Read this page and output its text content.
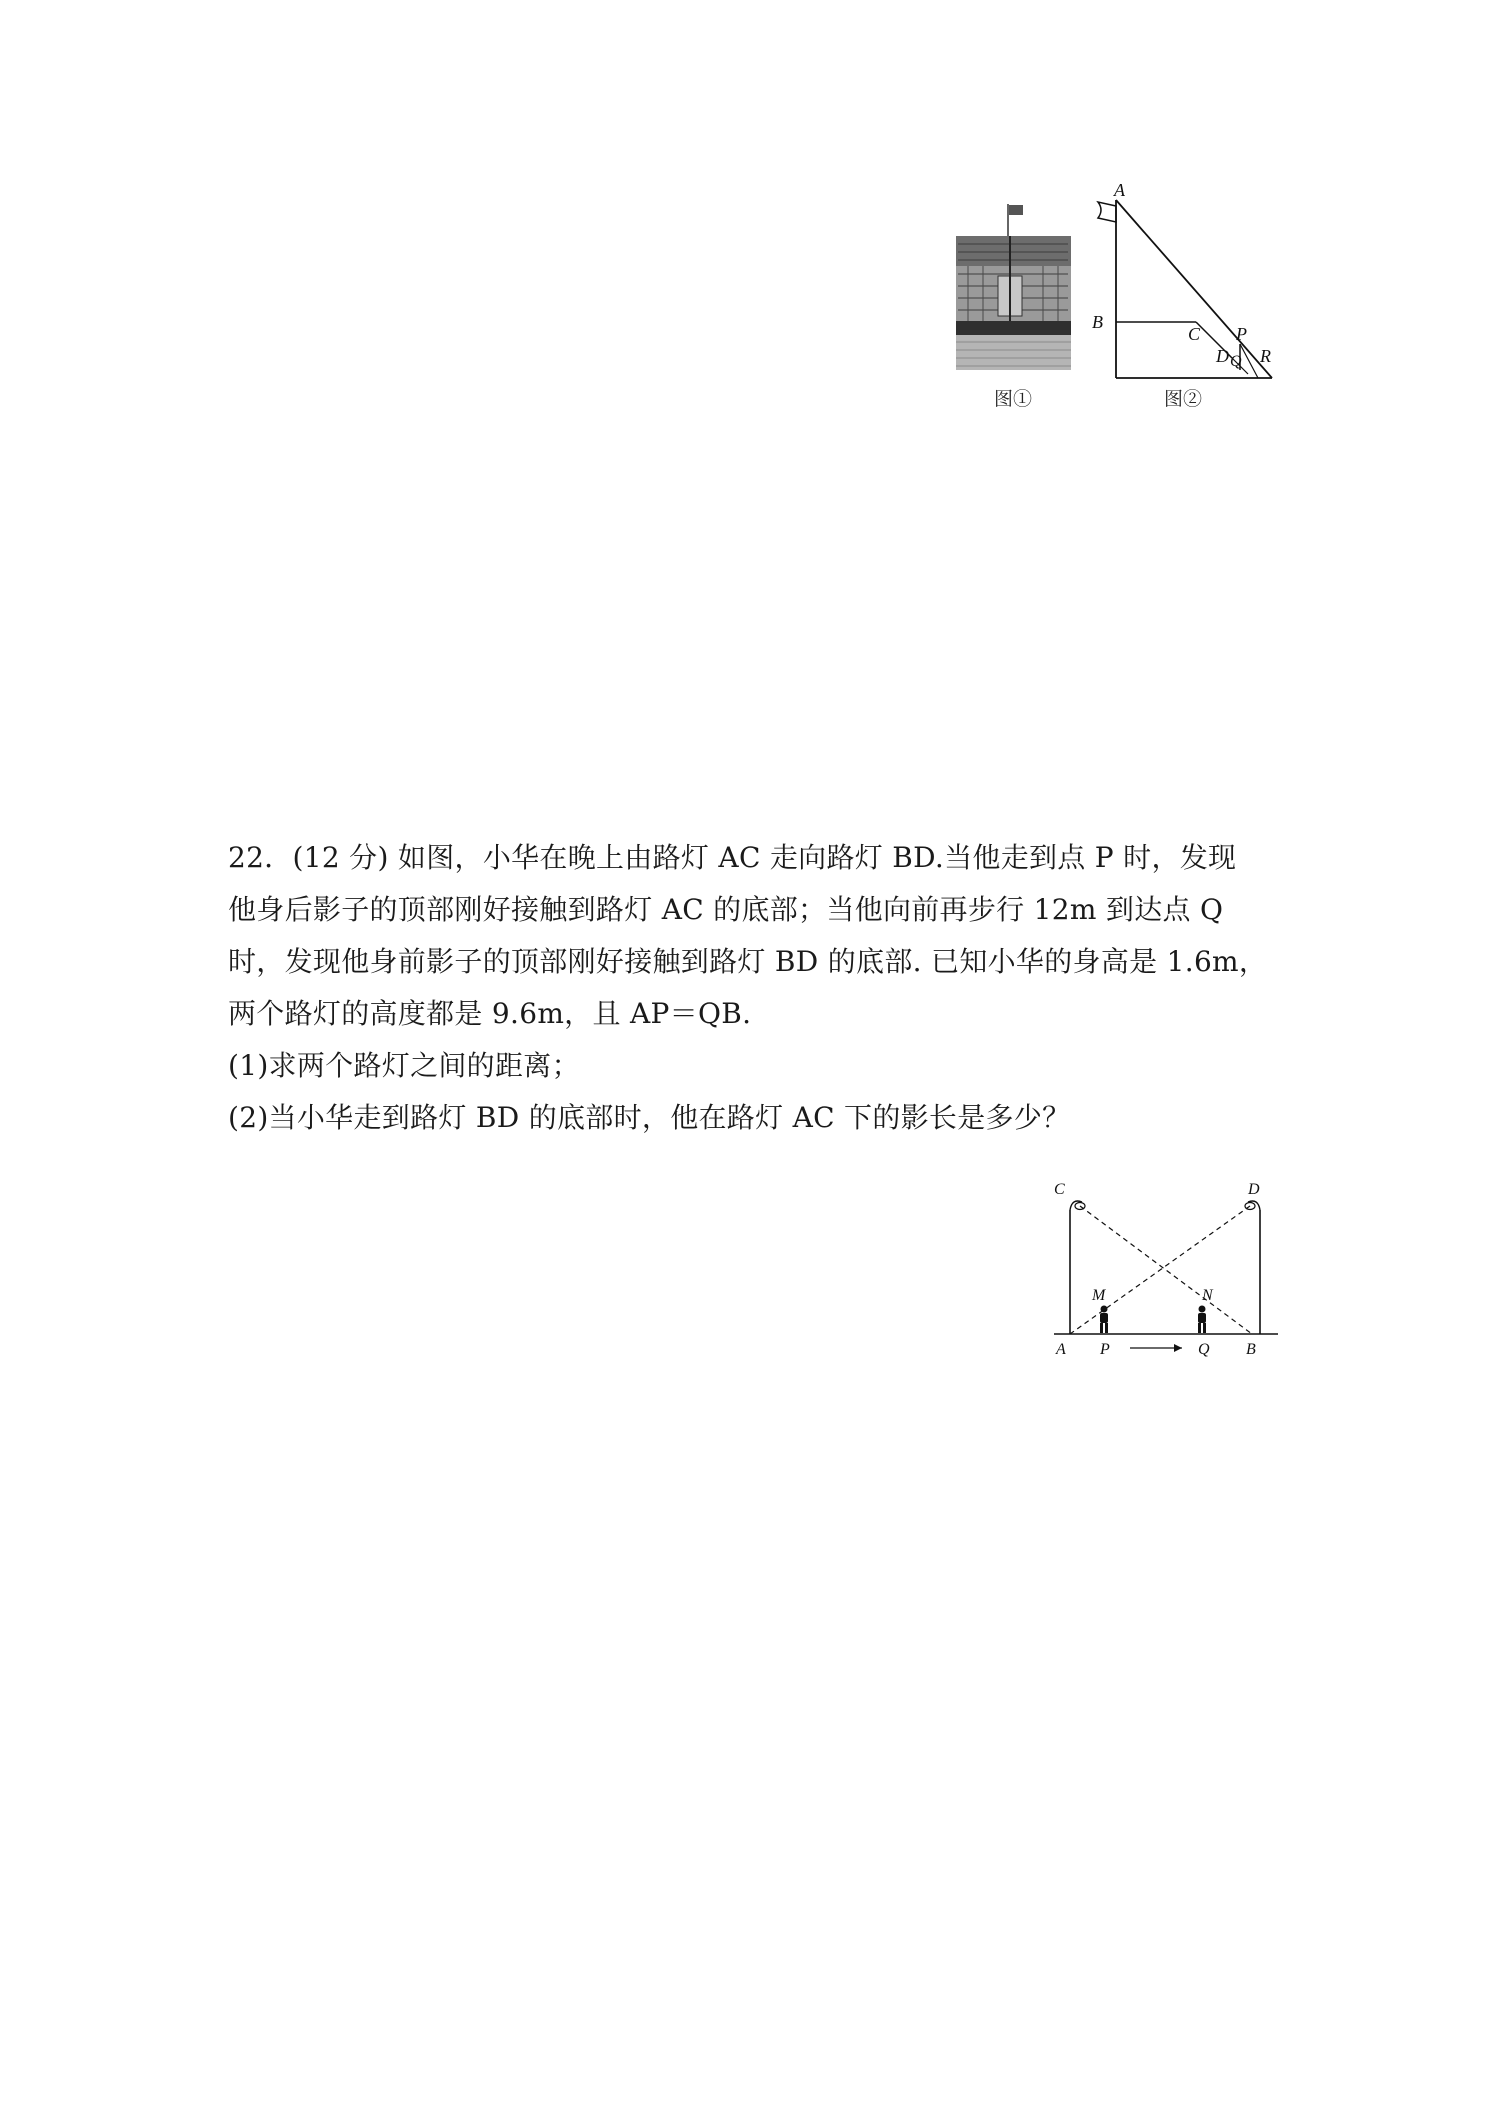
图①
A
B
C
D Q
P
R
图②

22．(12 分) 如图，小华在晚上由路灯 AC 走向路灯 BD.当他走到点 P 时，发现

他身后影子的顶部刚好接触到路灯 AC 的底部；当他向前再步行 12m 到达点 Q

时，发现他身前影子的顶部刚好接触到路灯 BD 的底部. 已知小华的身高是 1.6m，

两个路灯的高度都是 9.6m，且 AP＝QB.

(1)求两个路灯之间的距离；

(2)当小华走到路灯 BD 的底部时，他在路灯 AC 下的影长是多少？

C	D
M	N
A P	Q B
